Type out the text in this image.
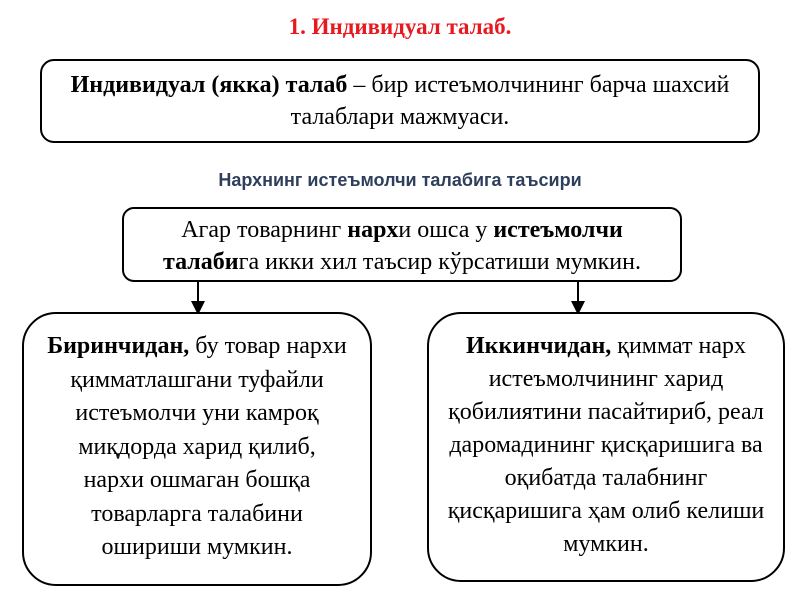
1. Индивидуал талаб.
Индивидуал (якка) талаб – бир истеъмолчининг барча шахсий талаблари мажмуаси.
Нархнинг истеъмолчи талабига таъсири
Агар товарнинг нархи ошса у истеъмолчи талабига икки хил таъсир кўрсатиши мумкин.
Биринчидан, бу товар нархи қимматлашгани туфайли истеъмолчи уни камроқ миқдорда харид қилиб, нархи ошмаган бошқа товарларга талабини ошириши мумкин.
Иккинчидан, қиммат нарх истеъмолчининг харид қобилиятини пасайтириб, реал даромадининг қисқаришига ва оқибатда талабнинг қисқаришига ҳам олиб келиши мумкин.
